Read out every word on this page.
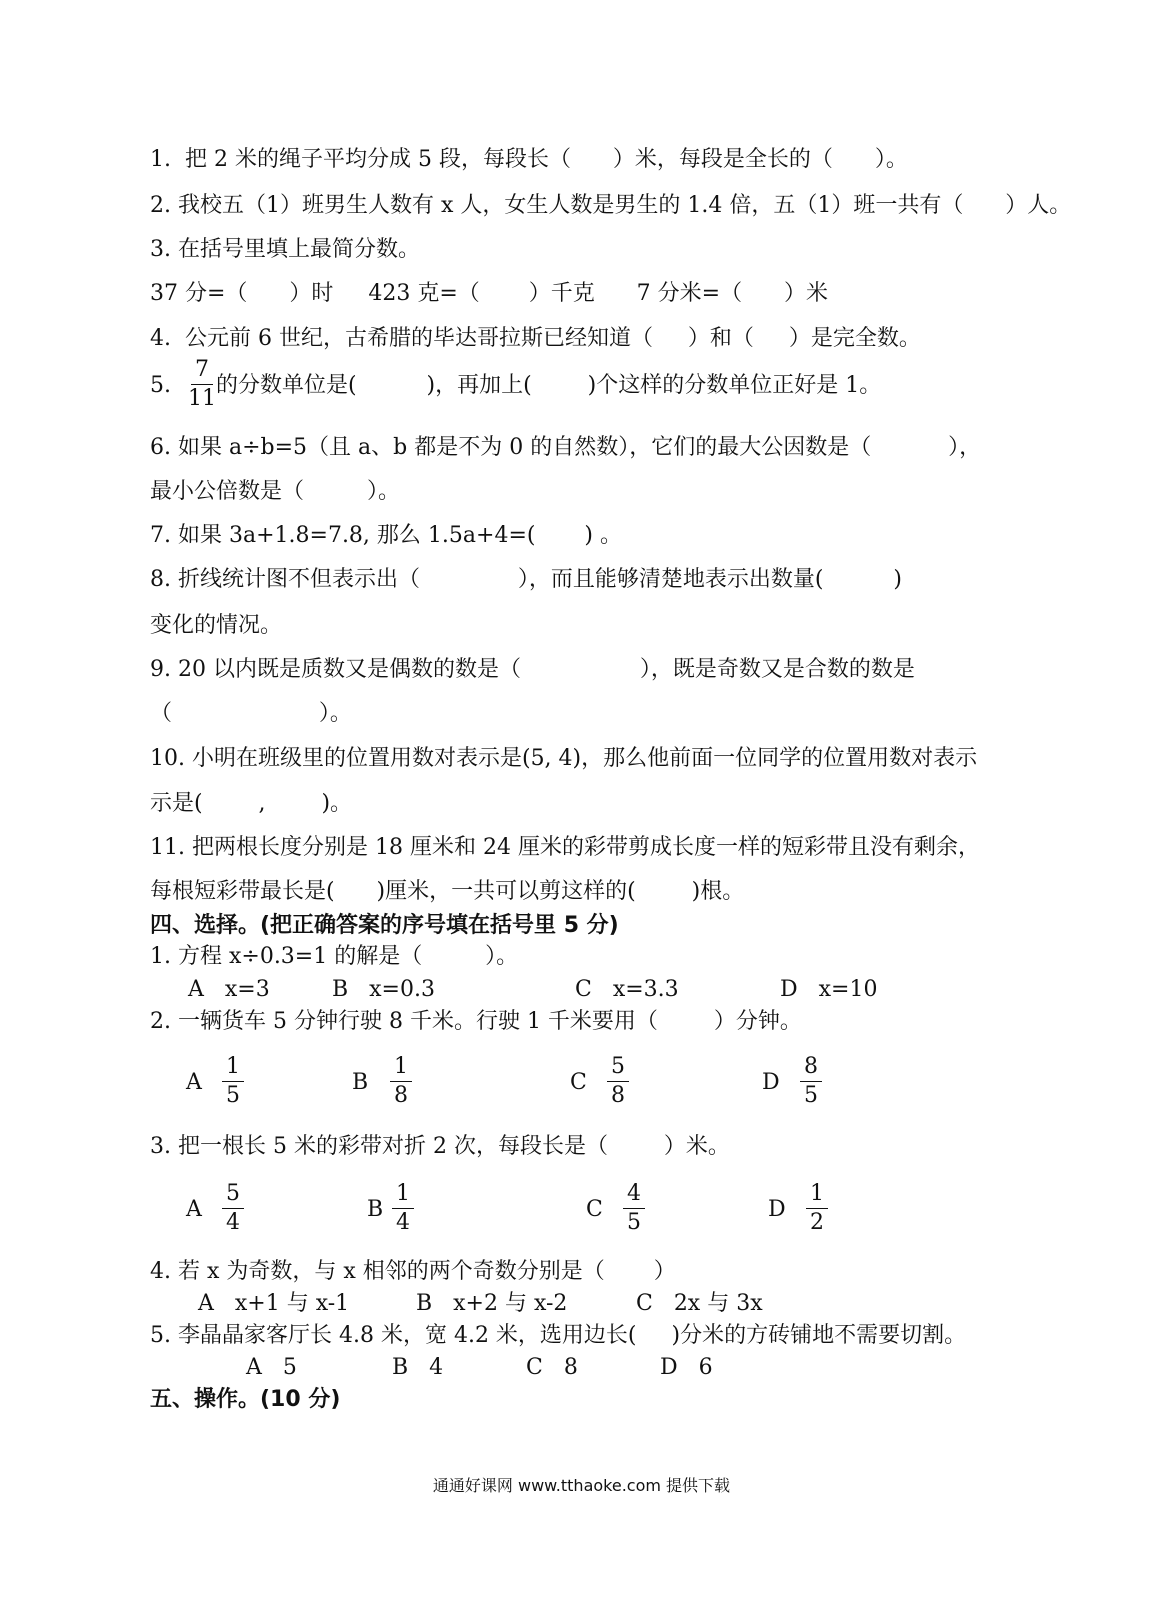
1.  把 2 米的绳子平均分成 5 段，每段长（      ）米，每段是全长的（      ）。
2. 我校五（1）班男生人数有 x 人，女生人数是男生的 1.4 倍，五（1）班一共有（      ）人。
3. 在括号里填上最简分数。
37 分=（      ）时     423 克=（       ）千克      7 分米=（      ）米
4.  公元前 6 世纪，古希腊的毕达哥拉斯已经知道（     ）和（     ）是完全数。
5.
7
11
的分数单位是(          )，再加上(        )个这样的分数单位正好是 1。
6. 如果 a÷b=5（且 a、b 都是不为 0 的自然数），它们的最大公因数是（           ），
最小公倍数是（         ）。
7. 如果 3a+1.8=7.8, 那么 1.5a+4=(       ) 。
8. 折线统计图不但表示出（              ），而且能够清楚地表示出数量(          )
变化的情况。
9. 20 以内既是质数又是偶数的数是（                 ），既是奇数又是合数的数是
（                     ）。
10. 小明在班级里的位置用数对表示是(5, 4)，那么他前面一位同学的位置用数对表示
示是(        ,        )。
11. 把两根长度分别是 18 厘米和 24 厘米的彩带剪成长度一样的短彩带且没有剩余，
每根短彩带最长是(      )厘米，一共可以剪这样的(        )根。
四、选择。(把正确答案的序号填在括号里 5 分)
1. 方程 x÷0.3=1 的解是（         ）。
A   x=3	B   x=0.3	C   x=3.3	D   x=10
2. 一辆货车 5 分钟行驶 8 千米。行驶 1 千米要用（        ）分钟。
A
1
5
B
1
8
C
5
8
D
8
5
3. 把一根长 5 米的彩带对折 2 次，每段长是（        ）米。
A
5
4
B
1
4
C
4
5
D
1
2
4. 若 x 为奇数，与 x 相邻的两个奇数分别是（       ）
A   x+1 与 x-1	B   x+2 与 x-2	C   2x 与 3x
5. 李晶晶家客厅长 4.8 米，宽 4.2 米，选用边长(     )分米的方砖铺地不需要切割。
A   5	B   4	C   8	D   6
五、操作。(10 分)
通通好课网 www.tthaoke.com 提供下载
